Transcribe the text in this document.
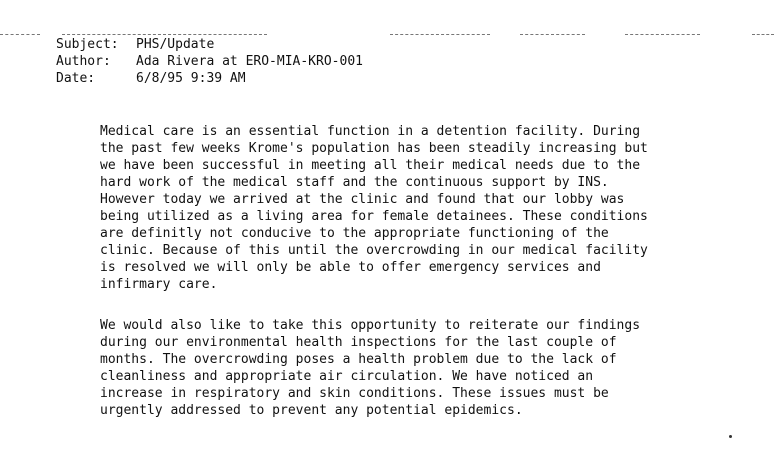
Subject:	PHS/Update
Author:	Ada Rivera at ERO-MIA-KRO-001
Date:	6/8/95 9:39 AM

Medical care is an essential function in a detention facility. During
the past few weeks Krome's population has been steadily increasing but
we have been successful in meeting all their medical needs due to the
hard work of the medical staff and the continuous support by INS.
However today we arrived at the clinic and found that our lobby was
being utilized as a living area for female detainees. These conditions
are definitly not conducive to the appropriate functioning of the
clinic. Because of this until the overcrowding in our medical facility
is resolved we will only be able to offer emergency services and
infirmary care.

We would also like to take this opportunity to reiterate our findings
during our environmental health inspections for the last couple of
months. The overcrowding poses a health problem due to the lack of
cleanliness and appropriate air circulation. We have noticed an
increase in respiratory and skin conditions. These issues must be
urgently addressed to prevent any potential epidemics.
